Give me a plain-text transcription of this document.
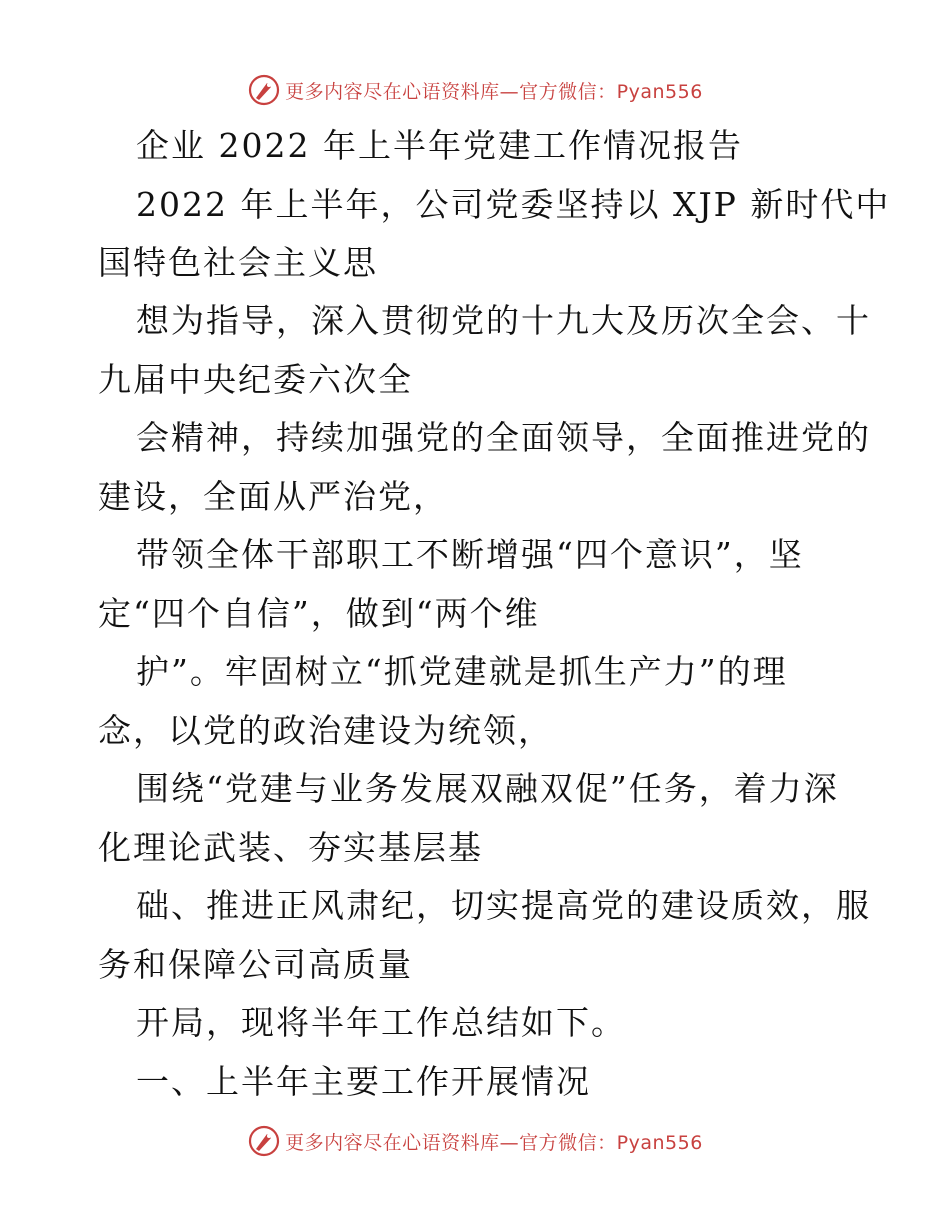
更多内容尽在心语资料库—官方微信：Pyan556
企业 2022 年上半年党建工作情况报告
2022 年上半年，公司党委坚持以 XJP 新时代中
国特色社会主义思
想为指导，深入贯彻党的十九大及历次全会、十
九届中央纪委六次全
会精神，持续加强党的全面领导，全面推进党的
建设，全面从严治党，
带领全体干部职工不断增强“四个意识”，坚
定“四个自信”，做到“两个维
护”。牢固树立“抓党建就是抓生产力”的理
念，以党的政治建设为统领，
围绕“党建与业务发展双融双促”任务，着力深
化理论武装、夯实基层基
础、推进正风肃纪，切实提高党的建设质效，服
务和保障公司高质量
开局，现将半年工作总结如下。
一、上半年主要工作开展情况
更多内容尽在心语资料库—官方微信：Pyan556
